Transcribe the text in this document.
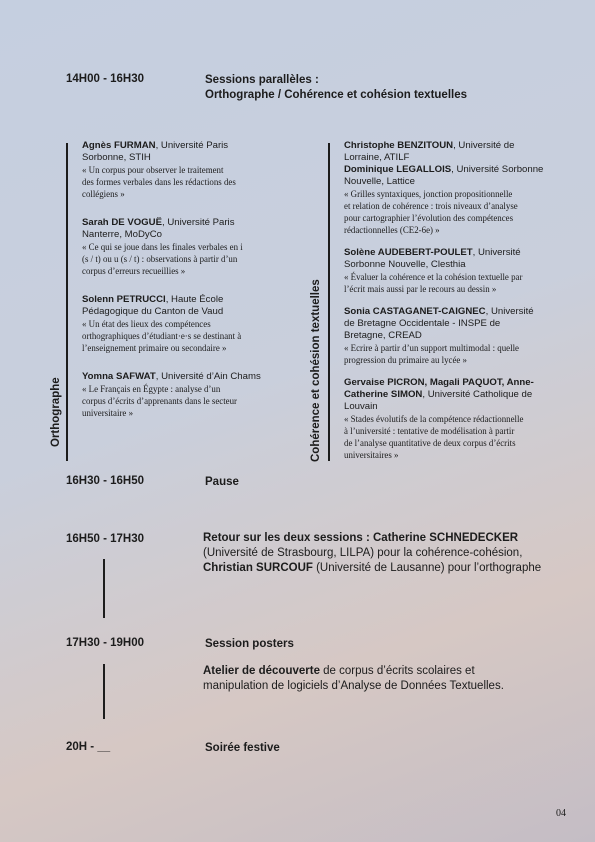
14H00 - 16H30	Sessions parallèles :
Orthographe / Cohérence et cohésion textuelles
Orthographe
Agnès FURMAN, Université Paris
Sorbonne, STIH
« Un corpus pour observer le traitement
des formes verbales dans les rédactions des
collégiens »
Sarah DE VOGUË, Université Paris
Nanterre, MoDyCo
« Ce qui se joue dans les finales verbales en i
(s / t) ou u (s / t) : observations à partir d’un
corpus d’erreurs recueillies »
Solenn PETRUCCI, Haute École
Pédagogique du Canton de Vaud
« Un état des lieux des compétences
orthographiques d’étudiant·e·s se destinant à
l’enseignement primaire ou secondaire »
Yomna SAFWAT, Université d’Ain Chams
« Le Français en Égypte : analyse d’un
corpus d’écrits d’apprenants dans le secteur
universitaire »	Cohérence et cohésion textuelles
Christophe BENZITOUN, Université de
Lorraine, ATILF
Dominique LEGALLOIS, Université Sorbonne
Nouvelle, Lattice
« Grilles syntaxiques, jonction propositionnelle
et relation de cohérence : trois niveaux d’analyse
pour cartographier l’évolution des compétences
rédactionnelles (CE2-6e) »
Solène AUDEBERT-POULET, Université
Sorbonne Nouvelle, Clesthia
« Évaluer la cohérence et la cohésion textuelle par
l’écrit mais aussi par le recours au dessin »
Sonia CASTAGANET-CAIGNEC, Université
de Bretagne Occidentale - INSPE de
Bretagne, CREAD
« Ecrire à partir d’un support multimodal : quelle
progression du primaire au lycée »
Gervaise PICRON, Magali PAQUOT, Anne-
Catherine SIMON, Université Catholique de
Louvain
« Stades évolutifs de la compétence rédactionnelle
à l’université : tentative de modélisation à partir
de l’analyse quantitative de deux corpus d’écrits
universitaires »
16H30 - 16H50	Pause
16H50 - 17H30	Retour sur les deux sessions : Catherine SCHNEDECKER
(Université de Strasbourg, LILPA) pour la cohérence-cohésion,
Christian SURCOUF (Université de Lausanne) pour l’orthographe
17H30 - 19H00	Session posters
Atelier de découverte de corpus d’écrits scolaires et
manipulation de logiciels d’Analyse de Données Textuelles.
20H - __	Soirée festive
04
